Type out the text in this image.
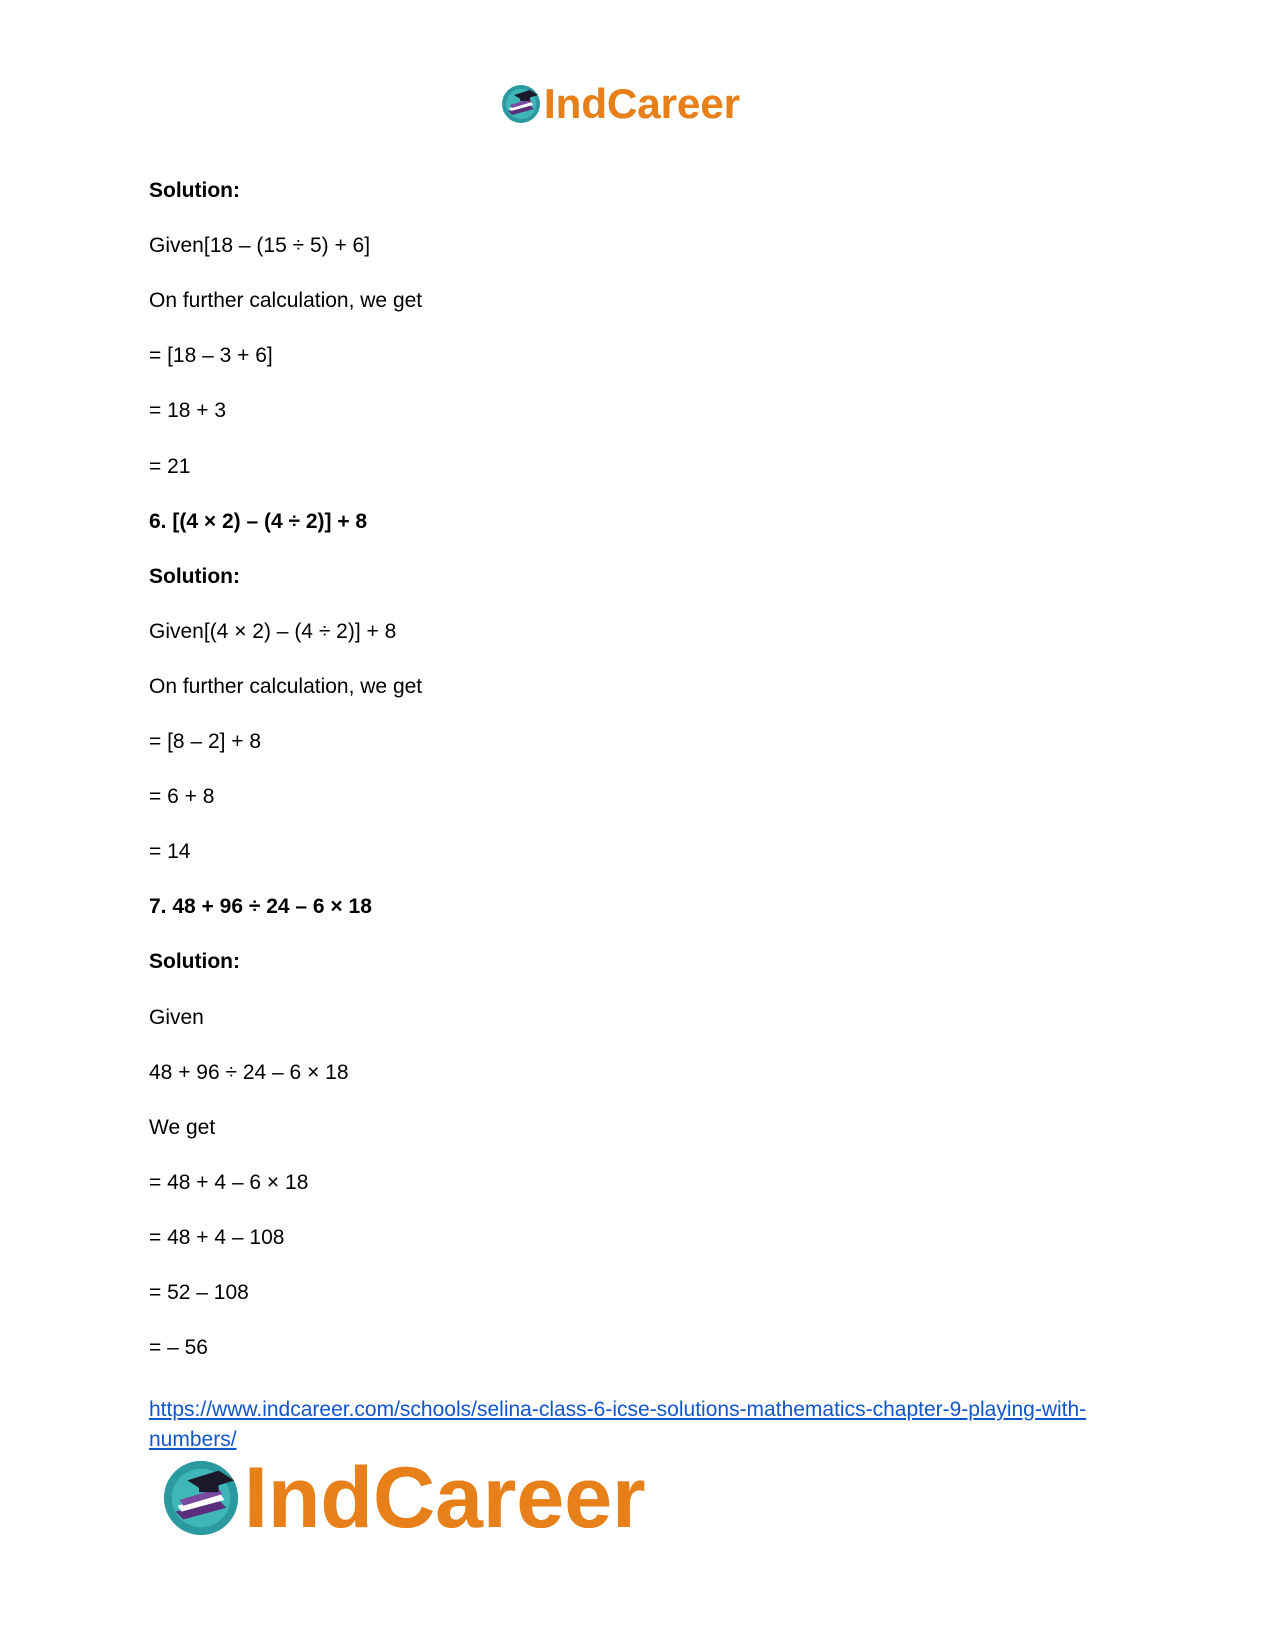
IndCareer
Solution:
Given[18 – (15 ÷ 5) + 6]
On further calculation, we get
= [18 – 3 + 6]
= 18 + 3
= 21
6. [(4 × 2) – (4 ÷ 2)] + 8
Solution:
Given[(4 × 2) – (4 ÷ 2)] + 8
On further calculation, we get
= [8 – 2] + 8
= 6 + 8
= 14
7. 48 + 96 ÷ 24 – 6 × 18
Solution:
Given
48 + 96 ÷ 24 – 6 × 18
We get
= 48 + 4 – 6 × 18
= 48 + 4 – 108
= 52 – 108
= – 56
https://www.indcareer.com/schools/selina-class-6-icse-solutions-mathematics-chapter-9-playing-with-numbers/
IndCareer
